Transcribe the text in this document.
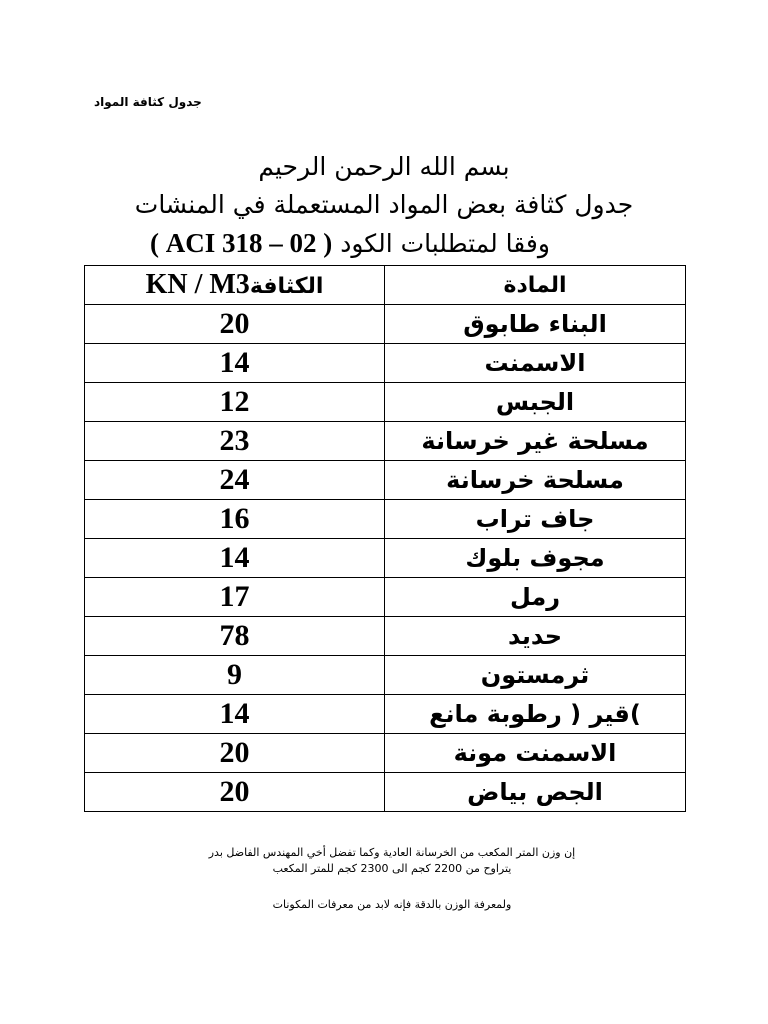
جدول كثافة المواد
بسم الله الرحمن الرحيم
جدول كثافة بعض المواد المستعملة في المنشات
وفقا لمتطلبات الكود ( ACI 318 – 02 )
KN / M3الكثافة	المادة
20	البناء طابوق
14	الاسمنت
12	الجبس
23	مسلحة غير خرسانة
24	مسلحة خرسانة
16	جاف تراب
14	مجوف بلوك
17	رمل
78	حديد
9	ثرمستون
14	)قير ( رطوبة مانع
20	الاسمنت مونة
20	الجص بياض
إن وزن المتر المكعب من الخرسانة العادية وكما تفضل أخي المهندس الفاضل بدر
يتراوح من 2200 كجم الى 2300 كجم للمتر المكعب
ولمعرفة الوزن بالدقة فإنه لابد من معرفات المكونات
